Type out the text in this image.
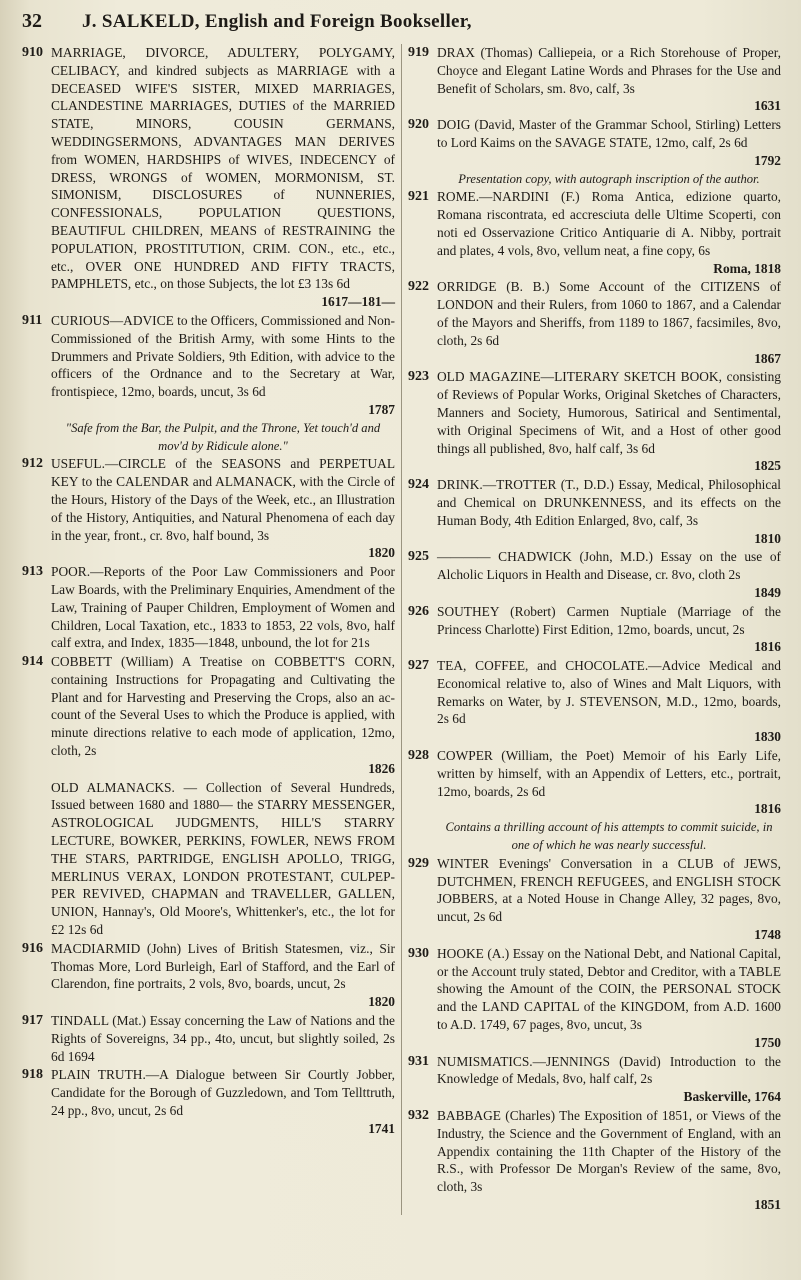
32	J. SALKELD, English and Foreign Bookseller,
910 MARRIAGE, DIVORCE, ADULTERY, POLYGAMY, CELIBACY, and kindred subjects as MARRIAGE with a DECEASED WIFE'S SISTER, MIXED MARRIAGES, CLANDESTINE MARRIAGES, DUTIES of the MARRIED STATE, MINORS, COUSIN GERMANS, WEDDINGSERMONS, ADVANTAGES MAN DERIVES from WOMEN, HARDSHIPS of WIVES, INDECENCY of DRESS, WRONGS of WOMEN, MORMONISM, ST. SIMONISM, DISCLOSURES of NUNNERIES, CONFESSIONALS, POPULATION QUESTIONS, BEAUTIFUL CHILDREN, MEANS of RESTRAINING the POPULATION, PROSTITUTION, CRIM. CON., etc., etc., etc., OVER ONE HUNDRED AND FIFTY TRACTS, PAMPHLETS, etc., on those Subjects, the lot £3 13s 6d
1617—181—
911 CURIOUS—ADVICE to the Officers, Commissioned and Non-Commissioned of the British Army, with some Hints to the Drummers and Private Soldiers, 9th Edition, with advice to the officers of the Ordnance and to the Secretary at War, frontispiece, 12mo, boards, uncut, 3s 6d
1787
"Safe from the Bar, the Pulpit, and the Throne, Yet touch'd and mov'd by Ridicule alone."
912 USEFUL.—CIRCLE of the SEASONS and PERPETUAL KEY to the CALENDAR and ALMANACK, with the Circle of the Hours, History of the Days of the Week, etc., an Illustration of the History, Antiquities, and Natural Phenomena of each day in the year, front., cr. 8vo, half bound, 3s
1820
913 POOR.—Reports of the Poor Law Commissioners and Poor Law Boards, with the Preliminary Enquiries, Amendment of the Law, Training of Pauper Children, Employment of Women and Children, Local Taxation, etc., 1833 to 1853, 22 vols, 8vo, half calf extra, and Index, 1835—1848, unbound, the lot for 21s
914 COBBETT (William) A Treatise on COBBETT'S CORN, containing Instructions for Propagating and Cultivating the Plant and for Harvesting and Preserving the Crops, also an account of the Several Uses to which the Produce is applied, with minute directions relative to each mode of application, 12mo, cloth, 2s
1826
OLD ALMANACKS. — Collection of Several Hundreds, Issued between 1680 and 1880— the STARRY MESSENGER, ASTROLOGICAL JUDGMENTS, HILL'S STARRY LECTURE, BOWKER, PERKINS, FOWLER, NEWS FROM THE STARS, PARTRIDGE, ENGLISH APOLLO, TRIGG, MERLINUS VERAX, LONDON PROTESTANT, CULPEPPER REVIVED, CHAPMAN and TRAVELLER, GALLEN, UNION, Hannay's, Old Moore's, Whittenker's, etc., the lot for £2 12s 6d
916 MACDIARMID (John) Lives of British Statesmen, viz., Sir Thomas More, Lord Burleigh, Earl of Stafford, and the Earl of Clarendon, fine portraits, 2 vols, 8vo, boards, uncut, 2s
1820
917 TINDALL (Mat.) Essay concerning the Law of Nations and the Rights of Sovereigns, 34 pp., 4to, uncut, but slightly soiled, 2s 6d 1694
918 PLAIN TRUTH.—A Dialogue between Sir Courtly Jobber, Candidate for the Borough of Guzzledown, and Tom Tellttruth, 24 pp., 8vo, uncut, 2s 6d
1741
919 DRAX (Thomas) Calliepeia, or a Rich Storehouse of Proper, Choyce and Elegant Latine Words and Phrases for the Use and Benefit of Scholars, sm. 8vo, calf, 3s
1631
920 DOIG (David, Master of the Grammar School, Stirling) Letters to Lord Kaims on the SAVAGE STATE, 12mo, calf, 2s 6d
1792
Presentation copy, with autograph inscription of the author.
921 ROME.—NARDINI (F.) Roma Antica, edizione quarto, Romana riscontrata, ed accresciuta delle Ultime Scoperti, con noti ed Osservazione Critico Antiquarie di A. Nibby, portrait and plates, 4 vols, 8vo, vellum neat, a fine copy, 6s
Roma, 1818
922 ORRIDGE (B. B.) Some Account of the CITIZENS of LONDON and their Rulers, from 1060 to 1867, and a Calendar of the Mayors and Sheriffs, from 1189 to 1867, facsimiles, 8vo, cloth, 2s 6d
1867
923 OLD MAGAZINE—LITERARY SKETCH BOOK, consisting of Reviews of Popular Works, Original Sketches of Characters, Manners and Society, Humorous, Satirical and Sentimental, with Original Specimens of Wit, and a Host of other good things all published, 8vo, half calf, 3s 6d
1825
924 DRINK.—TROTTER (T., D.D.) Essay, Medical, Philosophical and Chemical on DRUNKENNESS, and its effects on the Human Body, 4th Edition Enlarged, 8vo, calf, 3s
1810
925 ———— CHADWICK (John, M.D.) Essay on the use of Alcholic Liquors in Health and Disease, cr. 8vo, cloth 2s
1849
926 SOUTHEY (Robert) Carmen Nuptiale (Marriage of the Princess Charlotte) First Edition, 12mo, boards, uncut, 2s
1816
927 TEA, COFFEE, and CHOCOLATE.—Advice Medical and Economical relative to, also of Wines and Malt Liquors, with Remarks on Water, by J. STEVENSON, M.D., 12mo, boards, 2s 6d
1830
928 COWPER (William, the Poet) Memoir of his Early Life, written by himself, with an Appendix of Letters, etc., portrait, 12mo, boards, 2s 6d
1816
Contains a thrilling account of his attempts to commit suicide, in one of which he was nearly successful.
929 WINTER Evenings' Conversation in a CLUB of JEWS, DUTCHMEN, FRENCH REFUGEES, and ENGLISH STOCK JOBBERS, at a Noted House in Change Alley, 32 pages, 8vo, uncut, 2s 6d
1748
930 HOOKE (A.) Essay on the National Debt, and National Capital, or the Account truly stated, Debtor and Creditor, with a TABLE showing the Amount of the COIN, the PERSONAL STOCK and the LAND CAPITAL of the KINGDOM, from A.D. 1600 to A.D. 1749, 67 pages, 8vo, uncut, 3s
1750
931 NUMISMATICS.—JENNINGS (David) Introduction to the Knowledge of Medals, 8vo, half calf, 2s
Baskerville, 1764
932 BABBAGE (Charles) The Exposition of 1851, or Views of the Industry, the Science and the Government of England, with an Appendix containing the 11th Chapter of the History of the R.S., with Professor De Morgan's Review of the same, 8vo, cloth, 3s
1851
